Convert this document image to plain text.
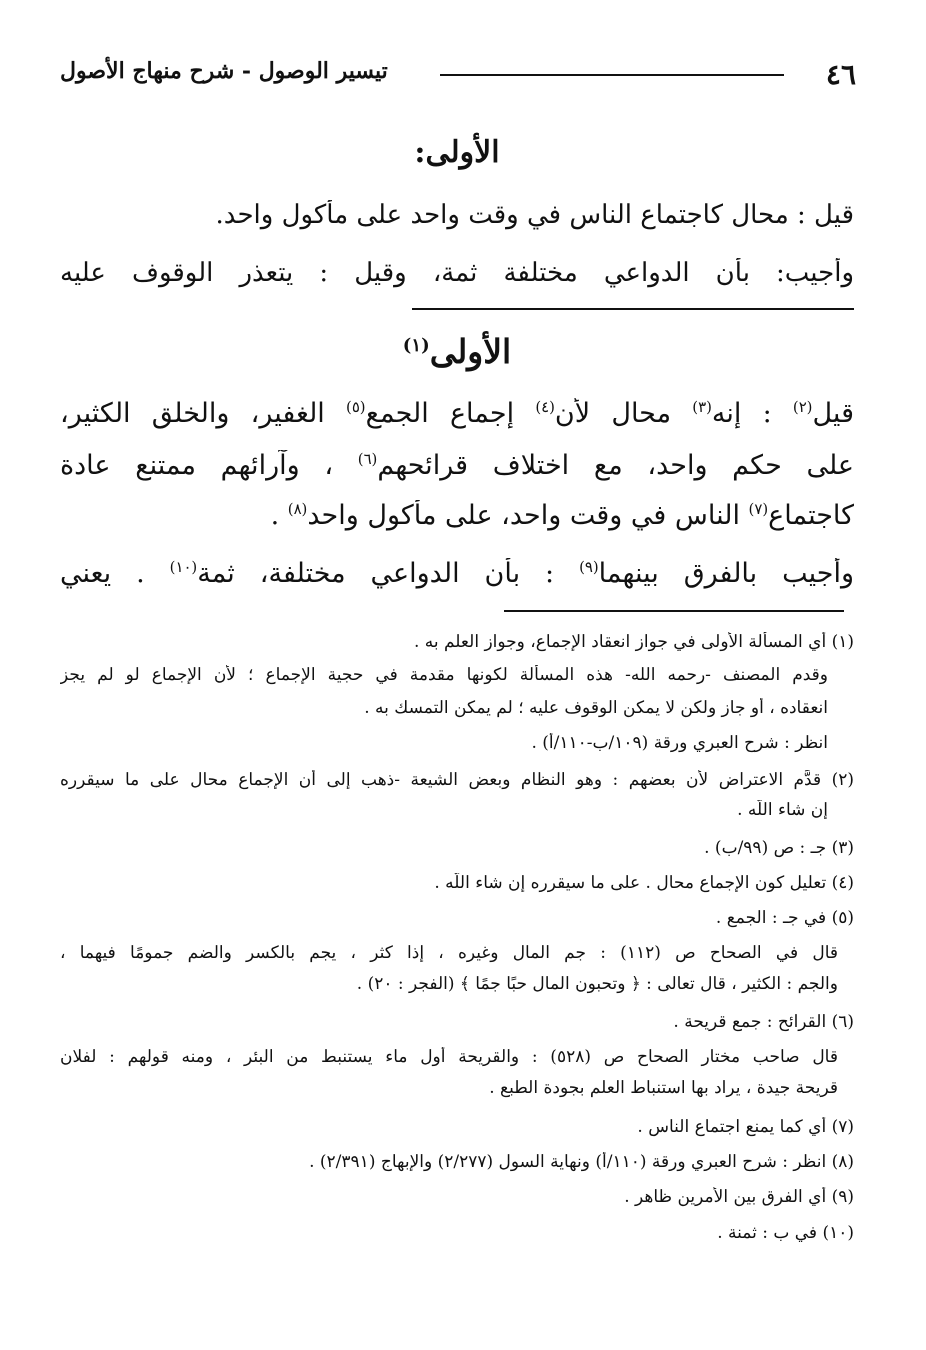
٤٦
تيسير الوصول - شرح منهاج الأصول
الأولى:
قيل : محال كاجتماع الناس في وقت واحد على مأكول واحد.
وأجيب: بأن الدواعي مختلفة ثمة، وقيل : يتعذر الوقوف عليه
الأولى$^{(١)}$
قيل$^{(٢)}$ : إنه$^{(٣)}$ محال لأن$^{(٤)}$ إجماع الجمع$^{(٥)}$ الغفير، والخلق الكثير،
على حكم واحد، مع اختلاف قرائحهم$^{(٦)}$ ، وآرائهم ممتنع عادة
كاجتماع$^{(٧)}$ الناس في وقت واحد، على مأكول واحد$^{(٨)}$ .
وأجيب بالفرق بينهما$^{(٩)}$ : بأن الدواعي مختلفة، ثمة$^{(١٠)}$ . يعني
(١) أي المسألة الأولى في جواز انعقاد الإجماع، وجواز العلم به .
وقدم المصنف -رحمه الله- هذه المسألة لكونها مقدمة في حجية الإجماع ؛ لأن الإجماع لو لم يجز
انعقاده ، أو جاز ولكن لا يمكن الوقوف عليه ؛ لم يمكن التمسك به .
انظر : شرح العبري ورقة (١٠٩/ب-١١٠/أ) .
(٢) قدَّم الاعتراض لأن بعضهم : وهو النظام وبعض الشيعة -ذهب إلى أن الإجماع محال على ما سيقرره
إن شاء اللّه .
(٣) جـ : ص (٩٩/ب) .
(٤) تعليل كون الإجماع محال . على ما سيقرره إن شاء اللّه .
(٥) في جـ : الجمع .
قال في الصحاح ص (١١٢) : جم المال وغيره ، إذا كثر ، يجم بالكسر والضم جمومًا فيهما ،
والجم : الكثير ، قال تعالى : ﴿ وتحبون المال حبًا جمًا ﴾ (الفجر : ٢٠) .
(٦) القرائح : جمع قريحة .
قال صاحب مختار الصحاح ص (٥٢٨) : والقريحة أول ماء يستنبط من البئر ، ومنه قولهم : لفلان
قريحة جيدة ، يراد بها استنباط العلم بجودة الطبع .
(٧) أي كما يمنع اجتماع الناس .
(٨) انظر : شرح العبري ورقة (١١٠/أ) ونهاية السول (٢/٢٧٧) والإبهاج (٢/٣٩١) .
(٩) أي الفرق بين الأمرين ظاهر .
(١٠) في ب : ثمنة .
